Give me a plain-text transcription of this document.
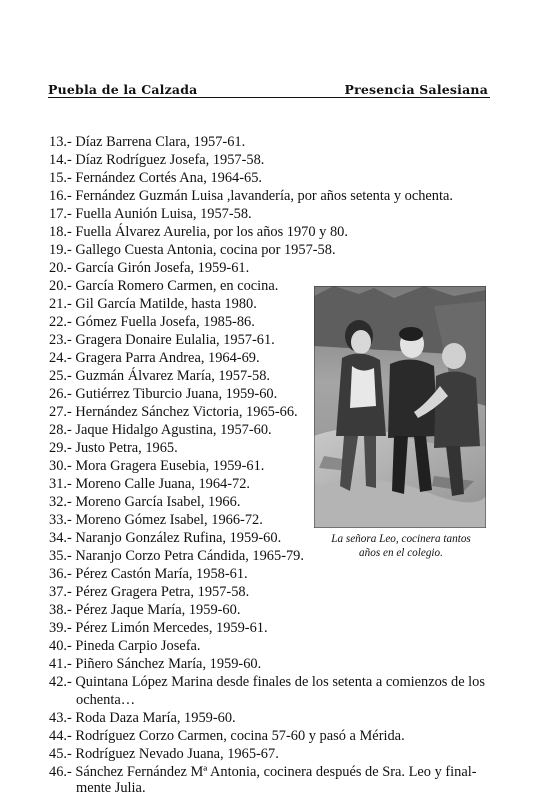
Puebla de la Calzada	Presencia Salesiana
13.- Díaz Barrena Clara, 1957-61.
14.- Díaz Rodríguez Josefa, 1957-58.
15.- Fernández Cortés Ana, 1964-65.
16.- Fernández Guzmán Luisa ,lavandería, por años setenta y ochenta.
17.- Fuella Aunión Luisa, 1957-58.
18.- Fuella Álvarez Aurelia, por los años 1970 y 80.
19.- Gallego Cuesta Antonia, cocina por 1957-58.
20.- García Girón Josefa, 1959-61.
20.- García Romero Carmen, en cocina.
21.- Gil García Matilde, hasta 1980.
22.- Gómez Fuella Josefa, 1985-86.
23.- Gragera Donaire Eulalia, 1957-61.
24.- Gragera Parra Andrea, 1964-69.
25.- Guzmán Álvarez María, 1957-58.
26.- Gutiérrez Tiburcio Juana, 1959-60.
27.- Hernández Sánchez Victoria, 1965-66.
28.- Jaque Hidalgo Agustina, 1957-60.
29.- Justo Petra, 1965.
30.- Mora Gragera Eusebia, 1959-61.
31.- Moreno Calle Juana, 1964-72.
32.- Moreno García Isabel, 1966.
33.- Moreno Gómez Isabel, 1966-72.
34.- Naranjo González Rufina, 1959-60.
35.- Naranjo Corzo Petra Cándida, 1965-79.
36.- Pérez Castón María, 1958-61.
37.- Pérez Gragera Petra, 1957-58.
38.- Pérez Jaque María, 1959-60.
39.- Pérez Limón Mercedes, 1959-61.
40.- Pineda Carpio Josefa.
41.- Piñero Sánchez María, 1959-60.
42.- Quintana López Marina desde finales de los setenta a comienzos de los
ochenta…
43.- Roda Daza María, 1959-60.
44.- Rodríguez Corzo Carmen, cocina 57-60 y pasó a Mérida.
45.- Rodríguez Nevado Juana, 1965-67.
46.- Sánchez Fernández Mª Antonia, cocinera después de Sra. Leo y final-
mente Julia.
La señora Leo, cocinera tantos
años en el colegio.
